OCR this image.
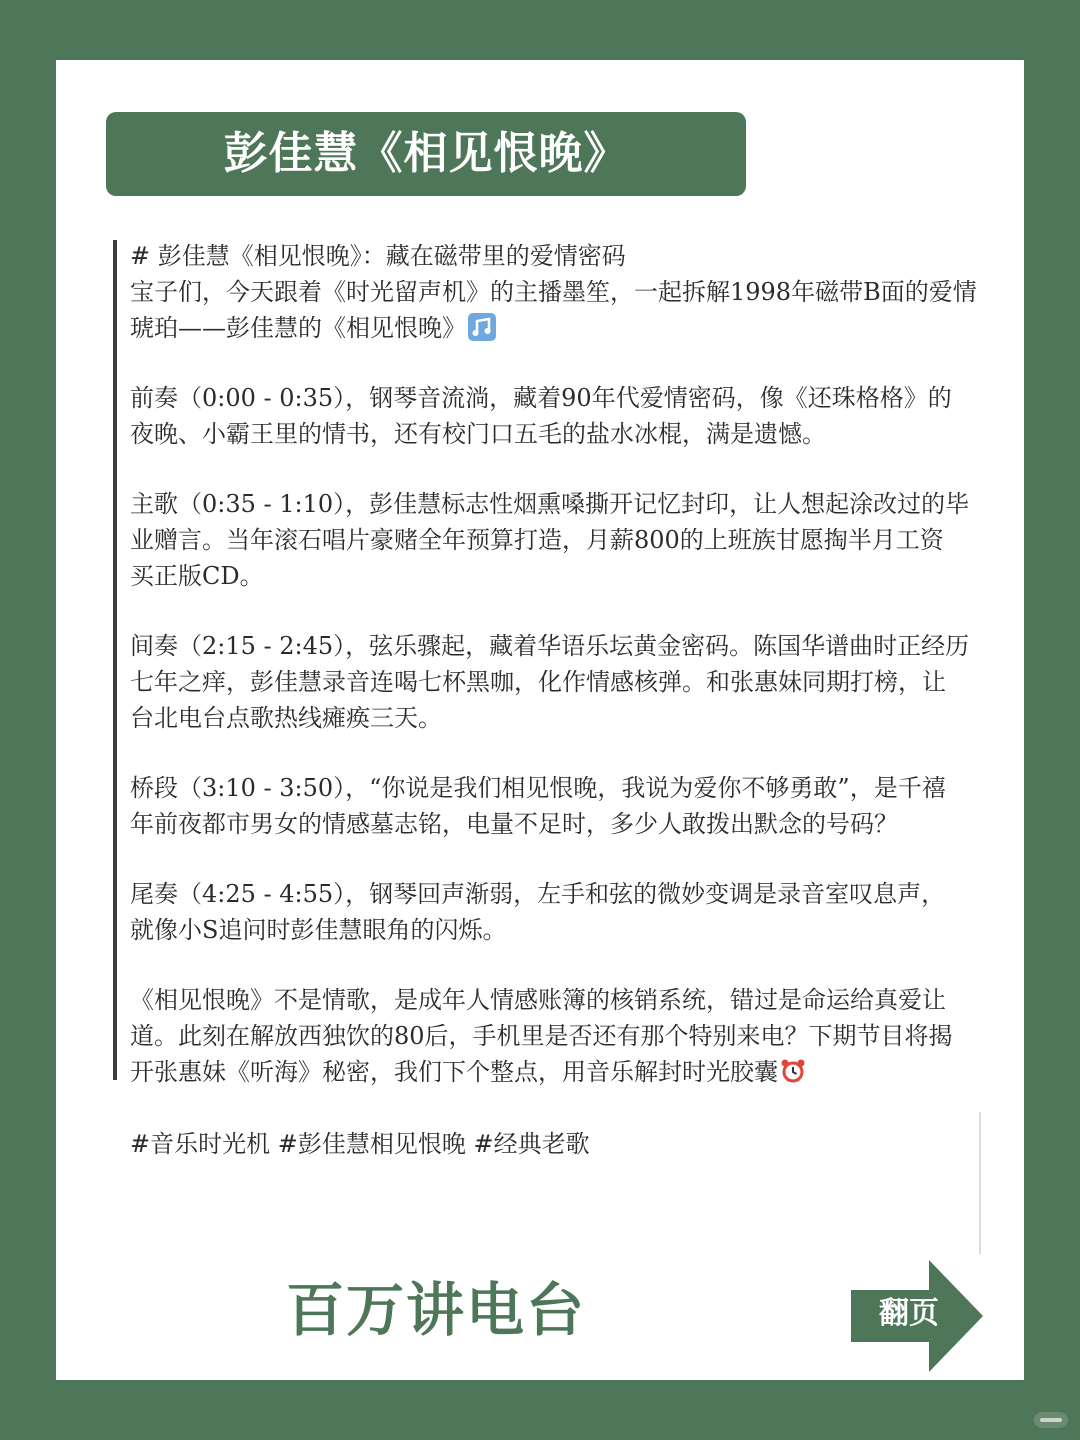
彭佳慧《相见恨晚》

# 彭佳慧《相见恨晚》：藏在磁带里的爱情密码
宝子们，今天跟着《时光留声机》的主播墨笙，一起拆解1998年磁带B面的爱情
琥珀——彭佳慧的《相见恨晚》

前奏（0:00 - 0:35），钢琴音流淌，藏着90年代爱情密码，像《还珠格格》的
夜晚、小霸王里的情书，还有校门口五毛的盐水冰棍，满是遗憾。

主歌（0:35 - 1:10），彭佳慧标志性烟熏嗓撕开记忆封印，让人想起涂改过的毕
业赠言。当年滚石唱片豪赌全年预算打造，月薪800的上班族甘愿掏半月工资
买正版CD。

间奏（2:15 - 2:45），弦乐骤起，藏着华语乐坛黄金密码。陈国华谱曲时正经历
七年之痒，彭佳慧录音连喝七杯黑咖，化作情感核弹。和张惠妹同期打榜，让
台北电台点歌热线瘫痪三天。

桥段（3:10 - 3:50），“你说是我们相见恨晚，我说为爱你不够勇敢”，是千禧
年前夜都市男女的情感墓志铭，电量不足时，多少人敢拨出默念的号码？

尾奏（4:25 - 4:55），钢琴回声渐弱，左手和弦的微妙变调是录音室叹息声，
就像小S追问时彭佳慧眼角的闪烁。

《相见恨晚》不是情歌，是成年人情感账簿的核销系统，错过是命运给真爱让
道。此刻在解放西独饮的80后，手机里是否还有那个特别来电？下期节目将揭
开张惠妹《听海》秘密，我们下个整点，用音乐解封时光胶囊

#音乐时光机 #彭佳慧相见恨晚 #经典老歌
百万讲电台	翻页
